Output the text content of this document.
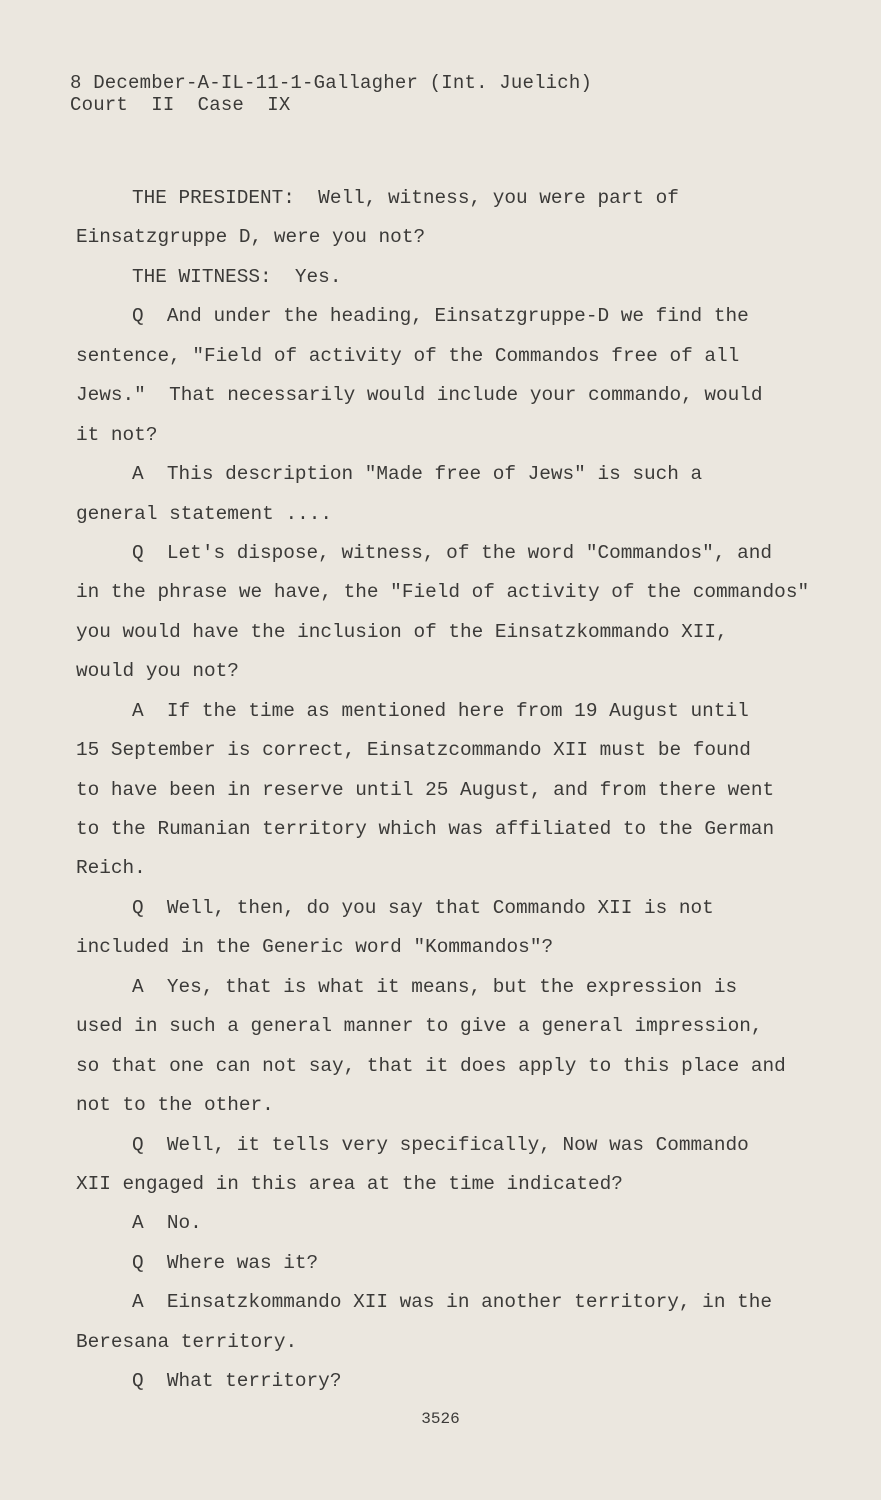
8 December-A-IL-11-1-Gallagher (Int. Juelich)
Court  II  Case  IX
THE PRESIDENT:  Well, witness, you were part of
Einsatzgruppe D, were you not?
THE WITNESS:  Yes.
Q  And under the heading, Einsatzgruppe-D we find the
sentence, "Field of activity of the Commandos free of all
Jews."  That necessarily would include your commando, would
it not?
A  This description "Made free of Jews" is such a
general statement ....
Q  Let's dispose, witness, of the word "Commandos", and
in the phrase we have, the "Field of activity of the commandos"
you would have the inclusion of the Einsatzkommando XII,
would you not?
A  If the time as mentioned here from 19 August until
15 September is correct, Einsatzcommando XII must be found
to have been in reserve until 25 August, and from there went
to the Rumanian territory which was affiliated to the German
Reich.
Q  Well, then, do you say that Commando XII is not
included in the Generic word "Kommandos"?
A  Yes, that is what it means, but the expression is
used in such a general manner to give a general impression,
so that one can not say, that it does apply to this place and
not to the other.
Q  Well, it tells very specifically, Now was Commando
XII engaged in this area at the time indicated?
A  No.
Q  Where was it?
A  Einsatzkommando XII was in another territory, in the
Beresana territory.
Q  What territory?
3526
